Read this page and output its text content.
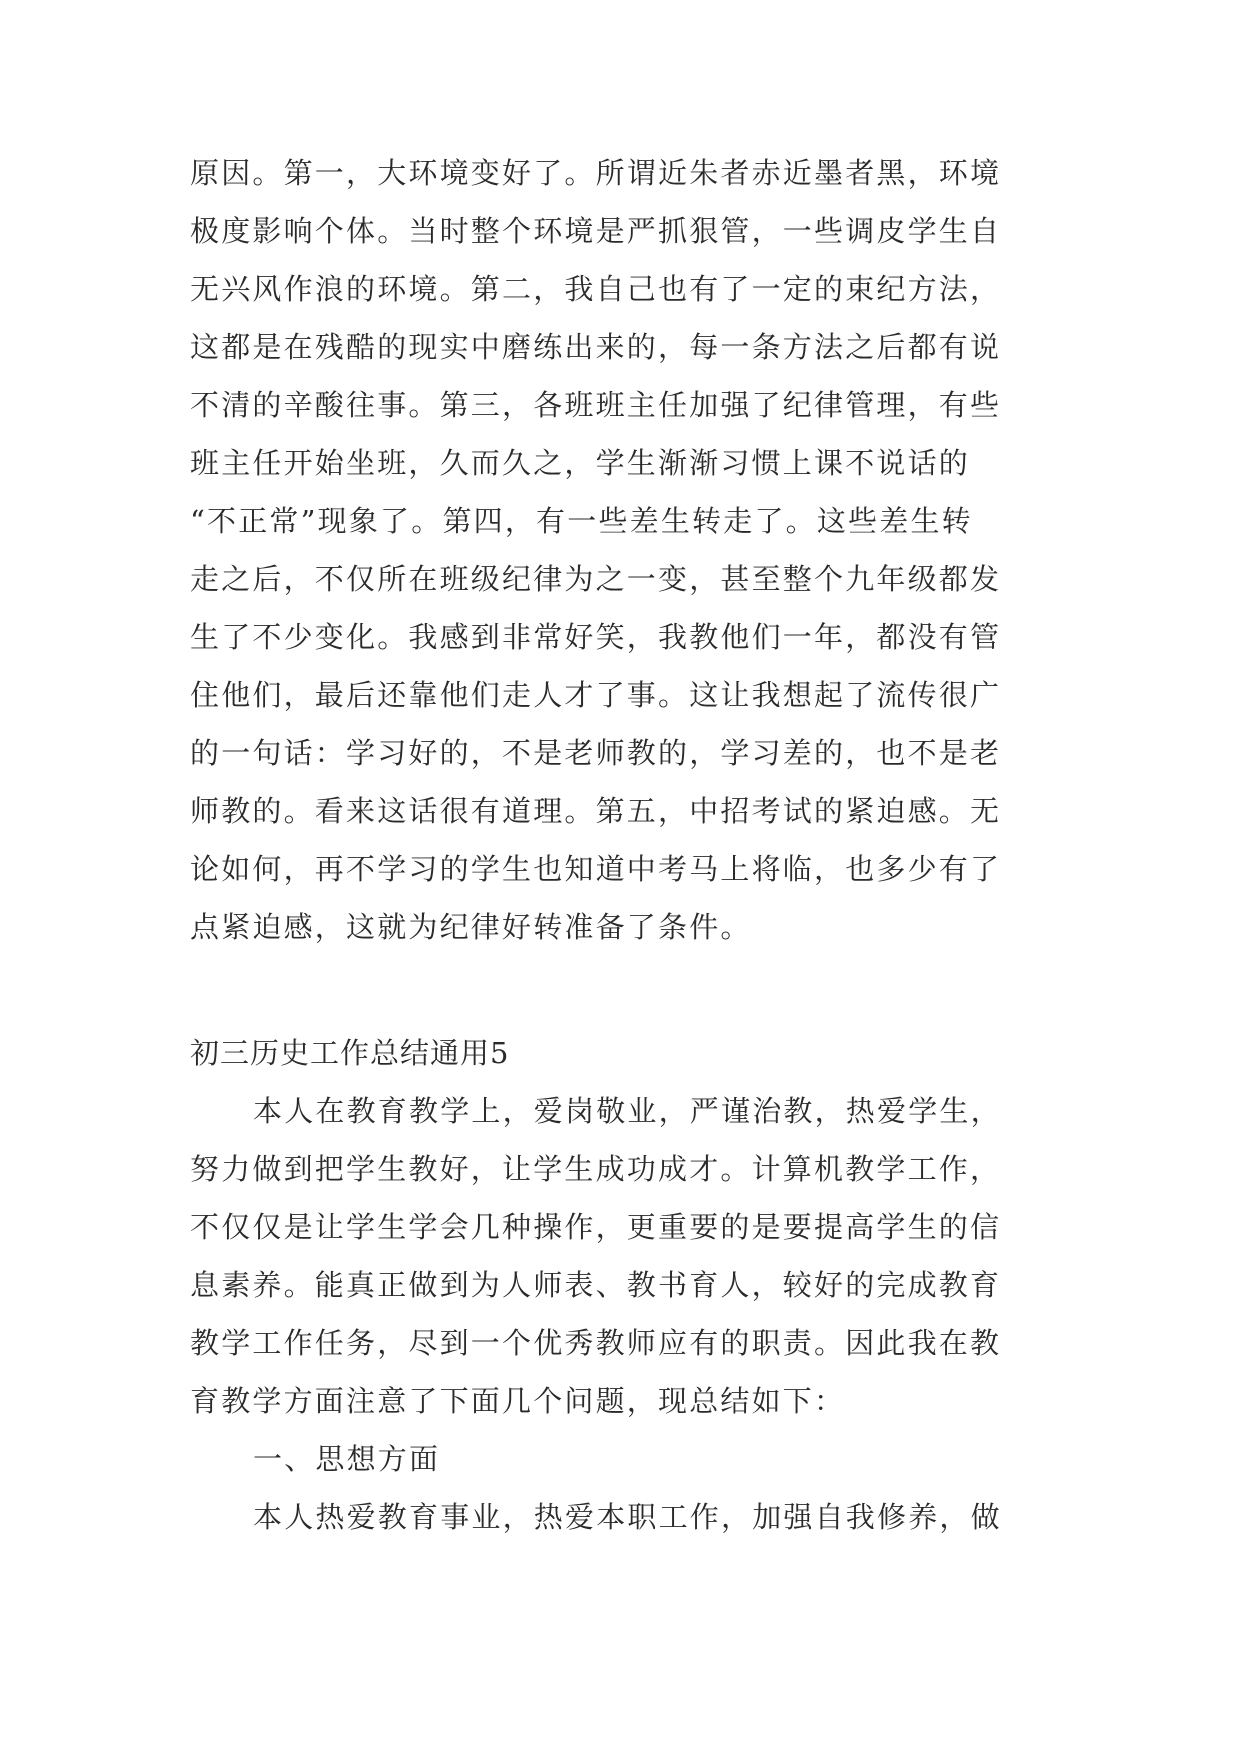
原因。第一，大环境变好了。所谓近朱者赤近墨者黑，环境
极度影响个体。当时整个环境是严抓狠管，一些调皮学生自
无兴风作浪的环境。第二，我自己也有了一定的束纪方法，
这都是在残酷的现实中磨练出来的，每一条方法之后都有说
不清的辛酸往事。第三，各班班主任加强了纪律管理，有些
班主任开始坐班，久而久之，学生渐渐习惯上课不说话的
“不正常”现象了。第四，有一些差生转走了。这些差生转
走之后，不仅所在班级纪律为之一变，甚至整个九年级都发
生了不少变化。我感到非常好笑，我教他们一年，都没有管
住他们，最后还靠他们走人才了事。这让我想起了流传很广
的一句话：学习好的，不是老师教的，学习差的，也不是老
师教的。看来这话很有道理。第五，中招考试的紧迫感。无
论如何，再不学习的学生也知道中考马上将临，也多少有了
点紧迫感，这就为纪律好转准备了条件。
初三历史工作总结通用5
本人在教育教学上，爱岗敬业，严谨治教，热爱学生，
努力做到把学生教好，让学生成功成才。计算机教学工作，
不仅仅是让学生学会几种操作，更重要的是要提高学生的信
息素养。能真正做到为人师表、教书育人，较好的完成教育
教学工作任务，尽到一个优秀教师应有的职责。因此我在教
育教学方面注意了下面几个问题，现总结如下：
一、思想方面
本人热爱教育事业，热爱本职工作，加强自我修养，做
